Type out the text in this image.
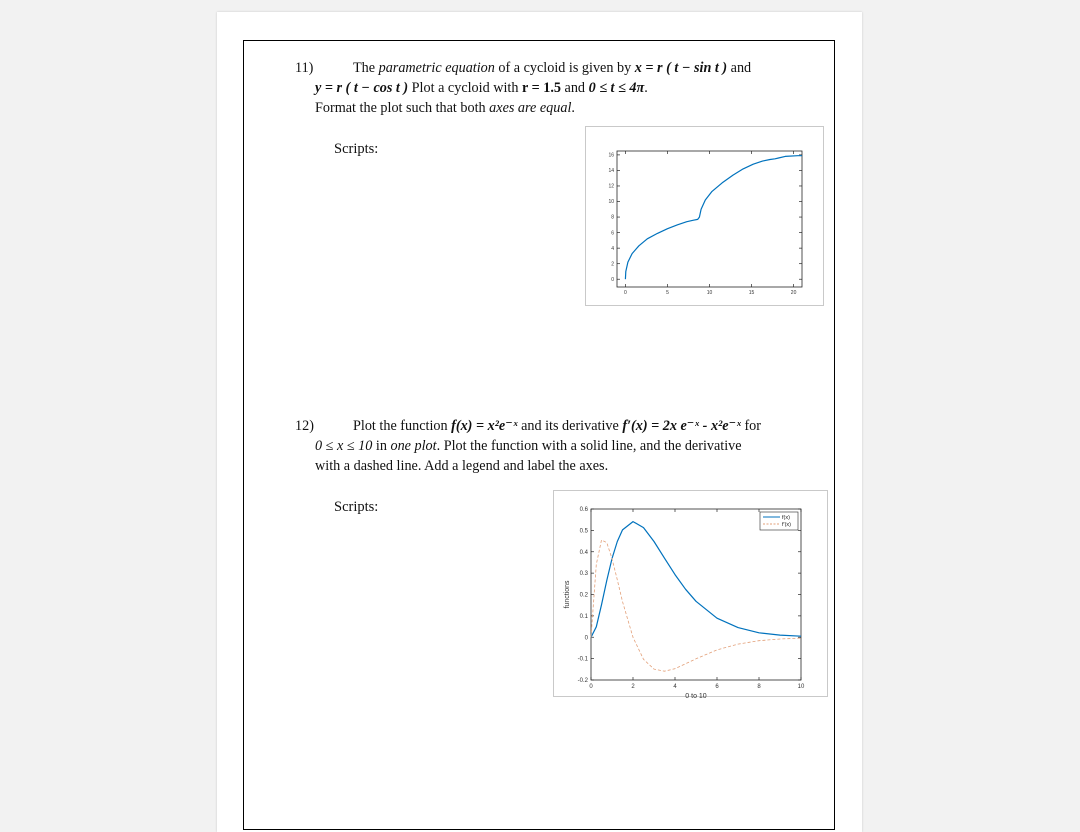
11)	The parametric equation of a cycloid is given by x = r ( t − sin t ) and
y = r ( t − cos t ) Plot a cycloid with r = 1.5 and 0 ≤ t ≤ 4π.
Format the plot such that both axes are equal.
Scripts:
0	5	10	15	20
0
2
4
6
8
10
12
14
16
12)	Plot the function f(x) = x²e⁻ˣ and its derivative f′(x) = 2x e⁻ˣ - x²e⁻ˣ for
0 ≤ x ≤ 10 in one plot. Plot the function with a solid line, and the derivative
with a dashed line. Add a legend and label the axes.
Scripts:
0	2	4	6	8	10
-0.2
-0.1
0
0.1
0.2
0.3
0.4
0.5
0.6
0 to 10
functions
f(x)
f'(x)
